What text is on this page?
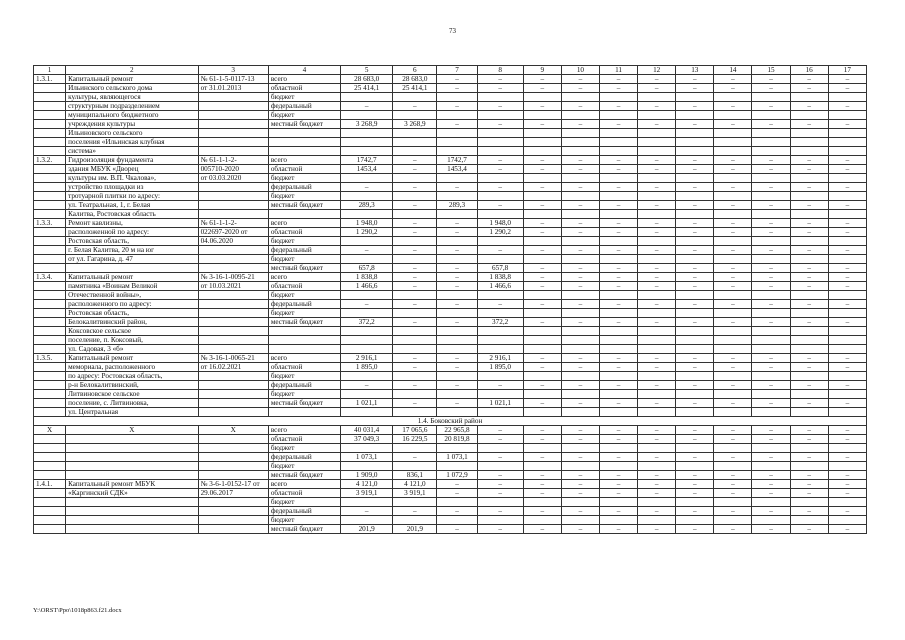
73
1	2	3	4	5	6	7	8	9	10	11	12	13	14	15	16	17
1.3.1.	Капитальный ремонт	№ 61-1-5-0117-13	всего	28 683,0	28 683,0	–	–	–	–	–	–	–	–	–	–	–
	Ильинского сельского дома	от 31.01.2013	областной	25 414,1	25 414,1	–	–	–	–	–	–	–	–	–	–	–
	культуры, являющегося		бюджет													
	структурным подразделением		федеральный	–	–	–	–	–	–	–	–	–	–	–	–	–
	муниципального бюджетного		бюджет													
	учреждения культуры		местный бюджет	3 268,9	3 268,9	–	–	–	–	–	–	–	–	–	–	–
	Ильиновского сельского															
	поселения «Ильинская клубная															
	система»															
1.3.2.	Гидроизоляция фундамента	№ 61-1-1-2-	всего	1742,7	–	1742,7	–	–	–	–	–	–	–	–	–	–
	здания МБУК «Дворец	005710-2020	областной	1453,4	–	1453,4	–	–	–	–	–	–	–	–	–	–
	культуры им. В.П. Чкалова»,	от 03.03.2020	бюджет													
	устройство площадки из		федеральный	–	–	–	–	–	–	–	–	–	–	–	–	–
	тротуарной плитки по адресу:		бюджет													
	ул. Театральная, 1, г. Белая		местный бюджет	289,3	–	289,3	–	–	–	–	–	–	–	–	–	–
	Калитва, Ростовская область															
1.3.3.	Ремонт кавлизны,	№ 61-1-1-2-	всего	1 948,0	–	–	1 948,0	–	–	–	–	–	–	–	–	–
	расположенной по адресу:	022697-2020 от	областной	1 290,2	–	–	1 290,2	–	–	–	–	–	–	–	–	–
	Ростовская область,	04.06.2020	бюджет													
	г. Белая Калитва, 20 м на юг		федеральный	–	–	–	–	–	–	–	–	–	–	–	–	–
	от ул. Гагарина, д. 47		бюджет													
			местный бюджет	657,8	–	–	657,8	–	–	–	–	–	–	–	–	–
1.3.4.	Капитальный ремонт	№ 3-16-1-0095-21	всего	1 838,8	–	–	1 838,8	–	–	–	–	–	–	–	–	–
	памятника «Воинам Великой	от 10.03.2021	областной	1 466,6	–	–	1 466,6	–	–	–	–	–	–	–	–	–
	Отечественной войны»,		бюджет													
	расположенного по адресу:		федеральный	–	–	–	–	–	–	–	–	–	–	–	–	–
	Ростовская область,		бюджет													
	Белокалитвинский район,		местный бюджет	372,2	–	–	372,2	–	–	–	–	–	–	–	–	–
	Коксовское сельское															
	поселение, п. Коксовый,															
	ул. Садовая, 3 «б»															
1.3.5.	Капитальный ремонт	№ 3-16-1-0065-21	всего	2 916,1	–	–	2 916,1	–	–	–	–	–	–	–	–	–
	мемориала, расположенного	от 16.02.2021	областной	1 895,0	–	–	1 895,0	–	–	–	–	–	–	–	–	–
	по адресу: Ростовская область,		бюджет													
	р-н Белокалитвинский,		федеральный	–	–	–	–	–	–	–	–	–	–	–	–	–
	Литвиновское сельское		бюджет													
	поселение, с. Литвиновка,		местный бюджет	1 021,1	–	–	1 021,1	–	–	–	–	–	–	–	–	–
	ул. Центральная															
1.4. Боковский район																
Х	Х	Х	всего	40 031,4	17 065,6	22 965,8	–	–	–	–	–	–	–	–	–	–
			областной	37 049,3	16 229,5	20 819,8	–	–	–	–	–	–	–	–	–	–
			бюджет													
			федеральный	1 073,1	–	1 073,1	–	–	–	–	–	–	–	–	–	–
			бюджет													
			местный бюджет	1 909,0	836,1	1 072,9	–	–	–	–	–	–	–	–	–	–
1.4.1.	Капитальный ремонт МБУК	№ 3-6-1-0152-17 от	всего	4 121,0	4 121,0	–	–	–	–	–	–	–	–	–	–	–
	«Каргинский СДК»	29.06.2017	областной	3 919,1	3 919,1	–	–	–	–	–	–	–	–	–	–	–
			бюджет													
			федеральный	–	–	–	–	–	–	–	–	–	–	–	–	–
			бюджет													
			местный бюджет	201,9	201,9	–	–	–	–	–	–	–	–	–	–	–
Y:\ORST\Ppo\1018p863.f21.docx
